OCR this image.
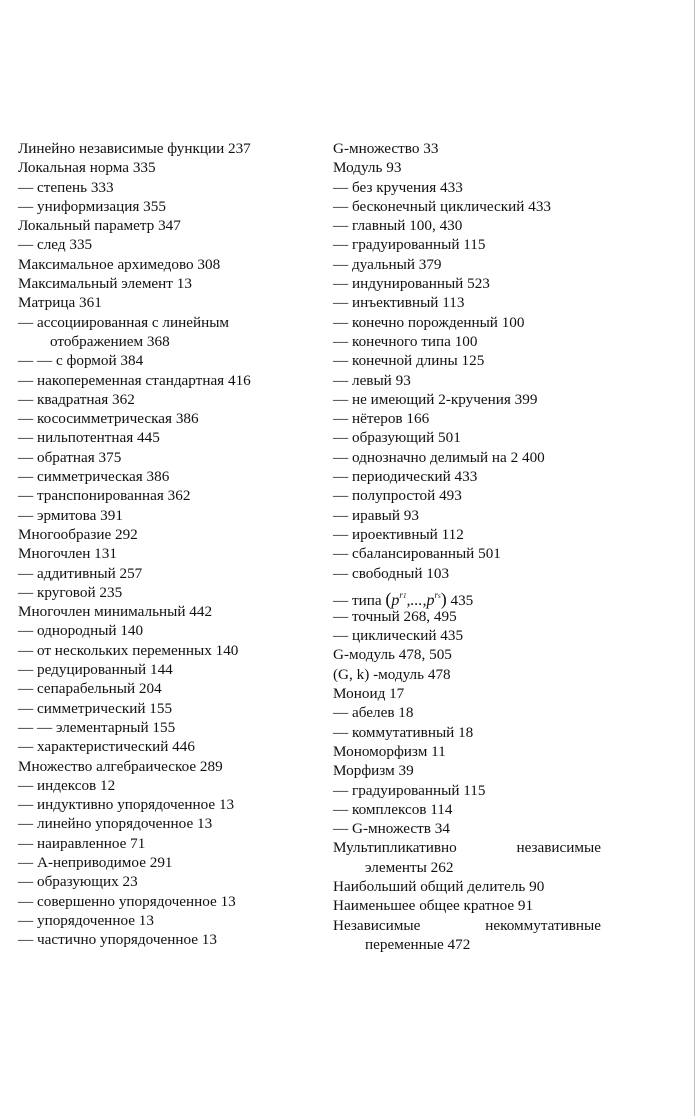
Линейно независимые функции 237
Локальная норма 335
— степень 333
— униформизация 355
Локальный параметр 347
— след 335
Максимальное архимедово 308
Максимальный элемент 13
Матрица 361
— ассоциированная с линейным
отображением 368
— — с формой 384
— накопеременная стандартная 416
— квадратная 362
— кососимметрическая 386
— нильпотентная 445
— обратная 375
— симметрическая 386
— транспонированная 362
— эрмитова 391
Многообразие 292
Многочлен 131
— аддитивный 257
— круговой 235
Многочлен минимальный 442
— однородный 140
— от нескольких переменных 140
— редуцированный 144
— сепарабельный 204
— симметрический 155
— — элементарный 155
— характеристический 446
Множество алгебраическое 289
— индексов 12
— индуктивно упорядоченное 13
— линейно упорядоченное 13
— наиравленное 71
— А-неприводимое 291
— образующих 23
— совершенно упорядоченное 13
— упорядоченное 13
— частично упорядоченное 13
G-множество 33
Модуль 93
— без кручения 433
— бесконечный циклический 433
— главный 100, 430
— градуированный 115
— дуальный 379
— индунированный 523
— инъективный 113
— конечно порожденный 100
— конечного типа 100
— конечной длины 125
— левый 93
— не имеющий 2-кручения 399
— нётеров 166
— образующий 501
— однозначно делимый на 2 400
— периодический 433
— полупростой 493
— иравый 93
— ироективный 112
— сбалансированный 501
— свободный 103
— типа $(p^{r1},...,p^{rs})$ 435
— точный 268, 495
— циклический 435
G-модуль 478, 505
(G, k) -модуль 478
Моноид 17
— абелев 18
— коммутативный 18
Мономорфизм 11
Морфизм 39
— градуированный 115
— комплексов 114
— G-множеств 34
Мультипликативно	независимые
элементы 262
Наибольший общий делитель 90
Наименьшее общее кратное 91
Независимые	некоммутативные
переменные 472
